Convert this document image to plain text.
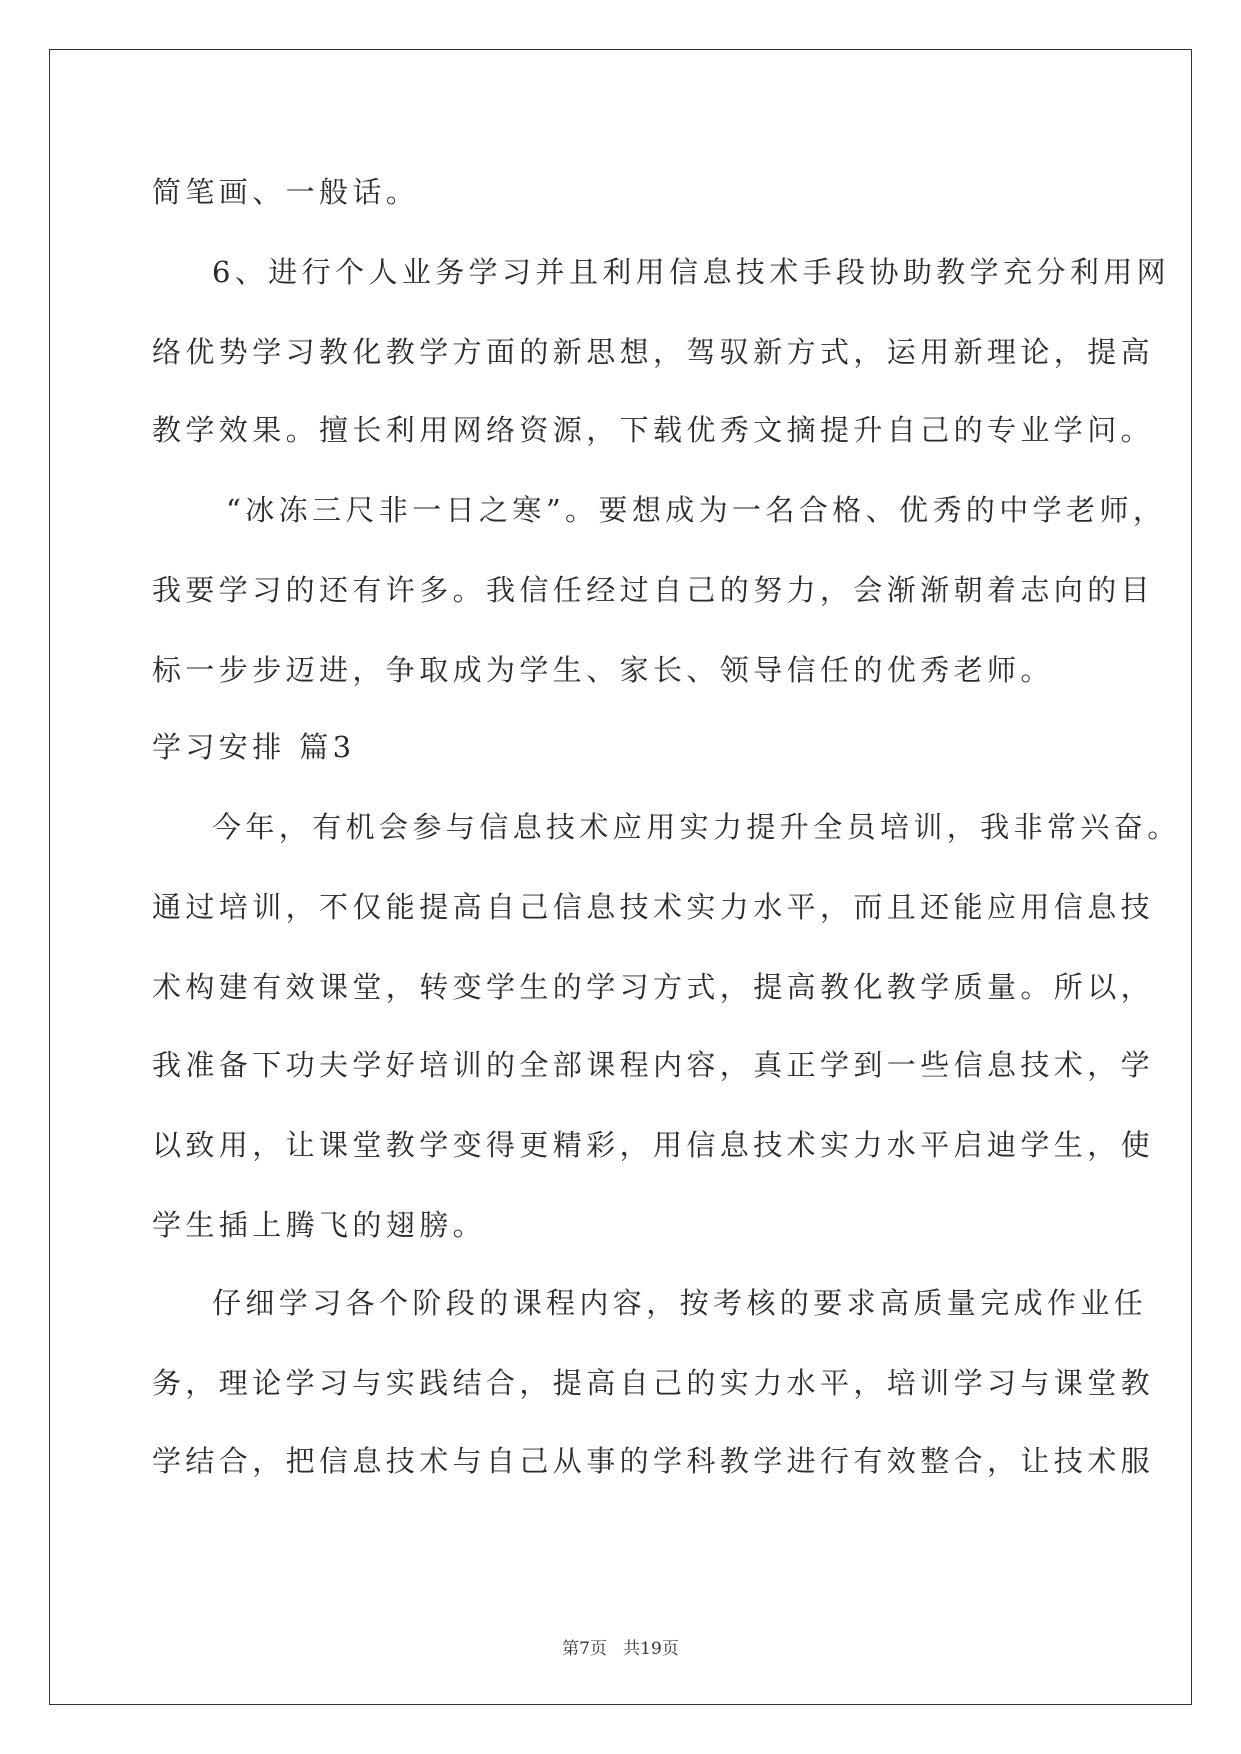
简笔画、一般话。
6、进行个人业务学习并且利用信息技术手段协助教学充分利用网
络优势学习教化教学方面的新思想，驾驭新方式，运用新理论，提高
教学效果。擅长利用网络资源，下载优秀文摘提升自己的专业学问。
“冰冻三尺非一日之寒”。要想成为一名合格、优秀的中学老师，
我要学习的还有许多。我信任经过自己的努力，会渐渐朝着志向的目
标一步步迈进，争取成为学生、家长、领导信任的优秀老师。
学习安排 篇3
今年，有机会参与信息技术应用实力提升全员培训，我非常兴奋。
通过培训，不仅能提高自己信息技术实力水平，而且还能应用信息技
术构建有效课堂，转变学生的学习方式，提高教化教学质量。所以，
我准备下功夫学好培训的全部课程内容，真正学到一些信息技术，学
以致用，让课堂教学变得更精彩，用信息技术实力水平启迪学生，使
学生插上腾飞的翅膀。
仔细学习各个阶段的课程内容，按考核的要求高质量完成作业任
务，理论学习与实践结合，提高自己的实力水平，培训学习与课堂教
学结合，把信息技术与自己从事的学科教学进行有效整合，让技术服
第7页   共19页
